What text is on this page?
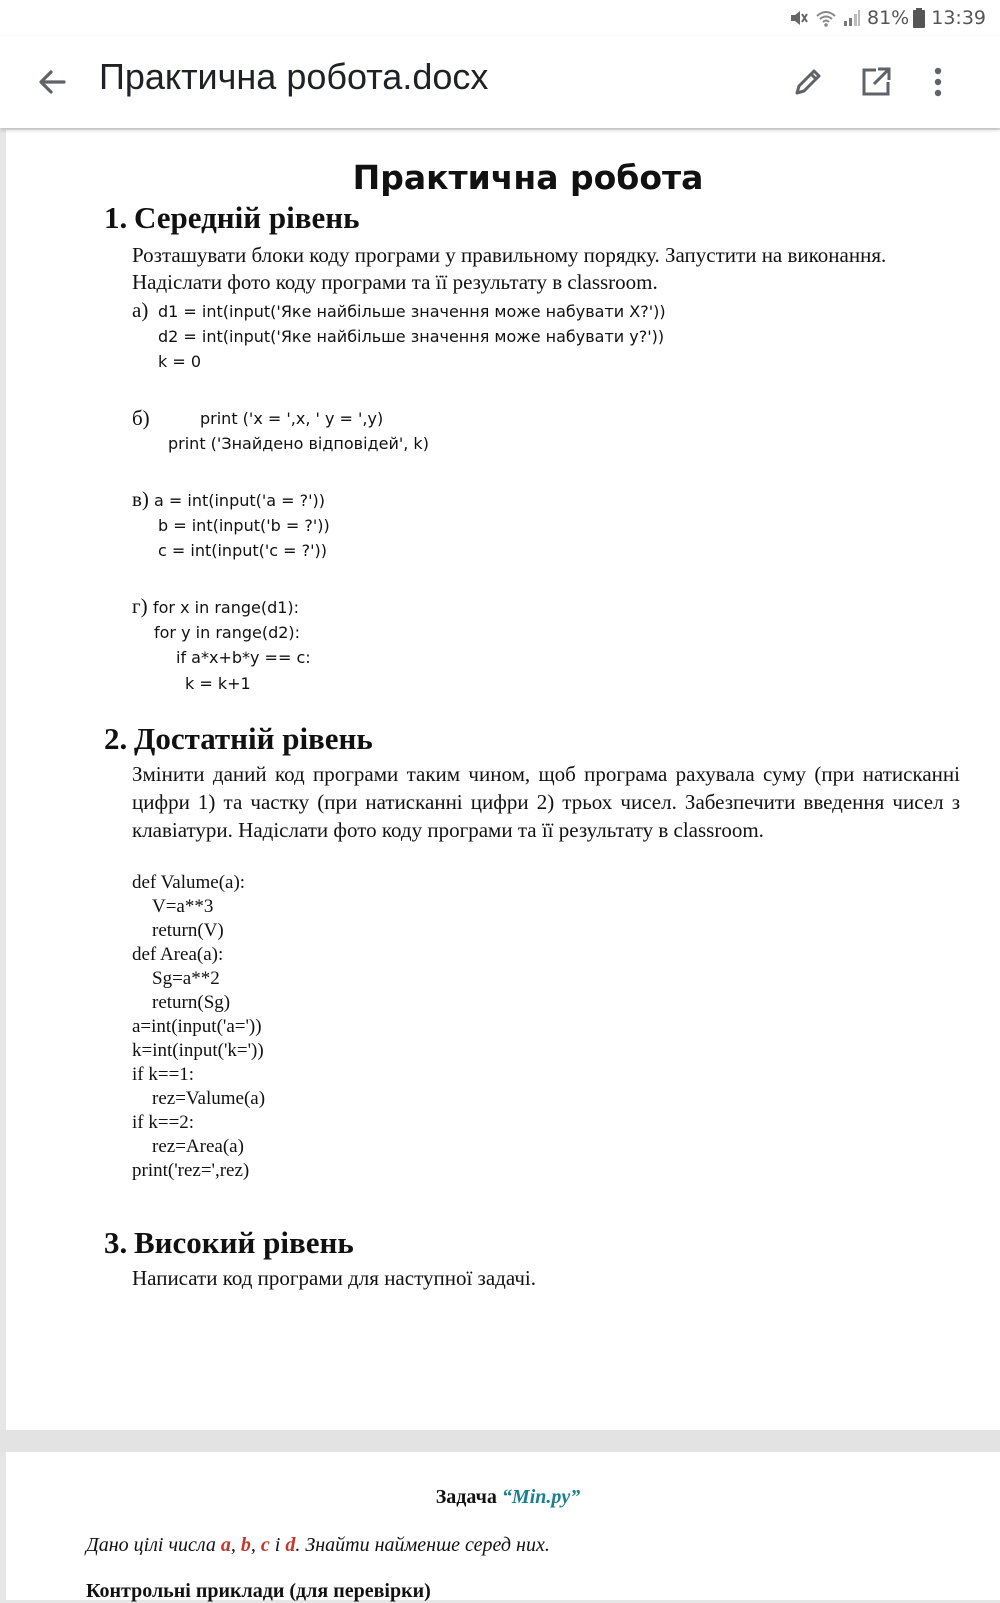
81% 13:39
Практична робота.docx
Практична робота
1. Середній рівень
Розташувати блоки коду програми у правильному порядку. Запустити на виконання.
Надіслати фото коду програми та її результату в classroom.
а) d1 = int(input('Яке найбільше значення може набувати X?'))
d2 = int(input('Яке найбільше значення може набувати y?'))
k = 0
б)	print ('x = ',x, ' y = ',y)
print ('Знайдено відповідей', k)
в) a = int(input('a = ?'))
b = int(input('b = ?'))
c = int(input('c = ?'))
г) for x in range(d1):
for y in range(d2):
if a*x+b*y == c:
k = k+1
2. Достатній рівень
Змінити даний код програми таким чином, щоб програма рахувала суму (при натисканні цифри 1) та частку (при натисканні цифри 2) трьох чисел. Забезпечити введення чисел з клавіатури. Надіслати фото коду програми та її результату в classroom.
def Valume(a):
V=a**3
return(V)
def Area(a):
Sg=a**2
return(Sg)
a=int(input('a='))
k=int(input('k='))
if k==1:
rez=Valume(a)
if k==2:
rez=Area(a)
print('rez=',rez)
3. Високий рівень
Написати код програми для наступної задачі.
Задача “Min.py”
Дано цілі числа a, b, c і d. Знайти найменше серед них.
Контрольні приклади (для перевірки)
